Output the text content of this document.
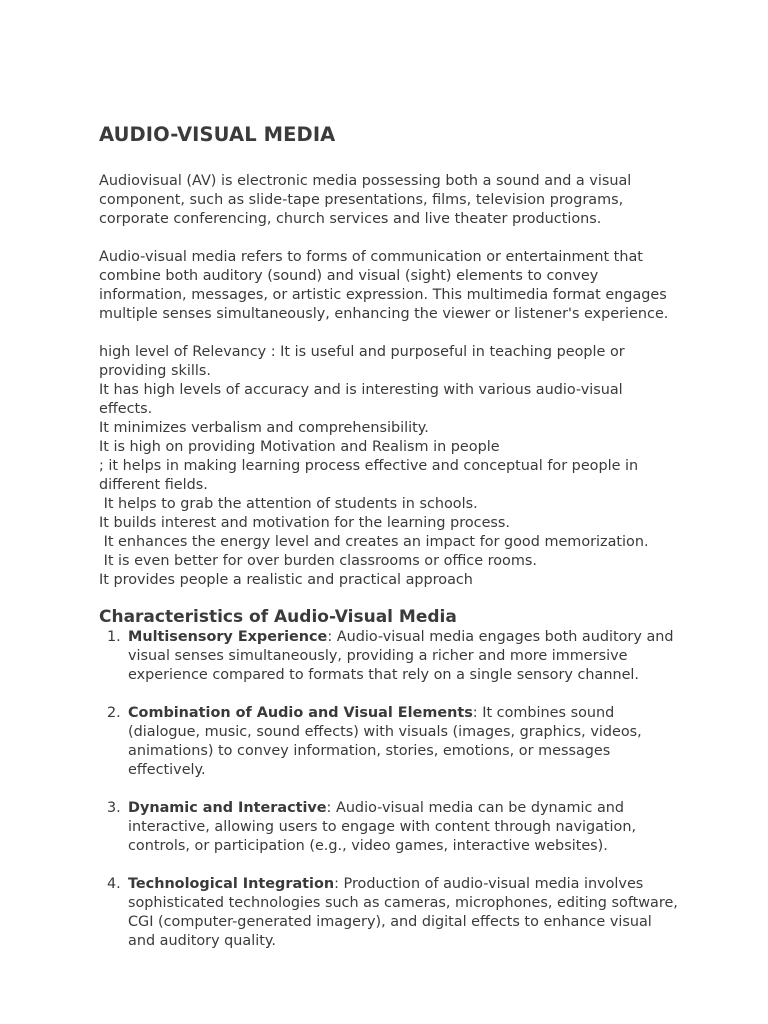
AUDIO-VISUAL MEDIA

Audiovisual (AV) is electronic media possessing both a sound and a visual component, such as slide-tape presentations, films, television programs, corporate conferencing, church services and live theater productions.

Audio-visual media refers to forms of communication or entertainment that combine both auditory (sound) and visual (sight) elements to convey information, messages, or artistic expression. This multimedia format engages multiple senses simultaneously, enhancing the viewer or listener's experience.

high level of Relevancy : It is useful and purposeful in teaching people or providing skills.
It has high levels of accuracy and is interesting with various audio-visual effects.
It minimizes verbalism and comprehensibility.
It is high on providing Motivation and Realism in people
; it helps in making learning process effective and conceptual for people in different fields.
It helps to grab the attention of students in schools.
It builds interest and motivation for the learning process.
It enhances the energy level and creates an impact for good memorization.
It is even better for over burden classrooms or office rooms.
It provides people a realistic and practical approach
Characteristics of Audio-Visual Media
1. Multisensory Experience: Audio-visual media engages both auditory and visual senses simultaneously, providing a richer and more immersive experience compared to formats that rely on a single sensory channel.
2. Combination of Audio and Visual Elements: It combines sound (dialogue, music, sound effects) with visuals (images, graphics, videos, animations) to convey information, stories, emotions, or messages effectively.
3. Dynamic and Interactive: Audio-visual media can be dynamic and interactive, allowing users to engage with content through navigation, controls, or participation (e.g., video games, interactive websites).
4. Technological Integration: Production of audio-visual media involves sophisticated technologies such as cameras, microphones, editing software, CGI (computer-generated imagery), and digital effects to enhance visual and auditory quality.
